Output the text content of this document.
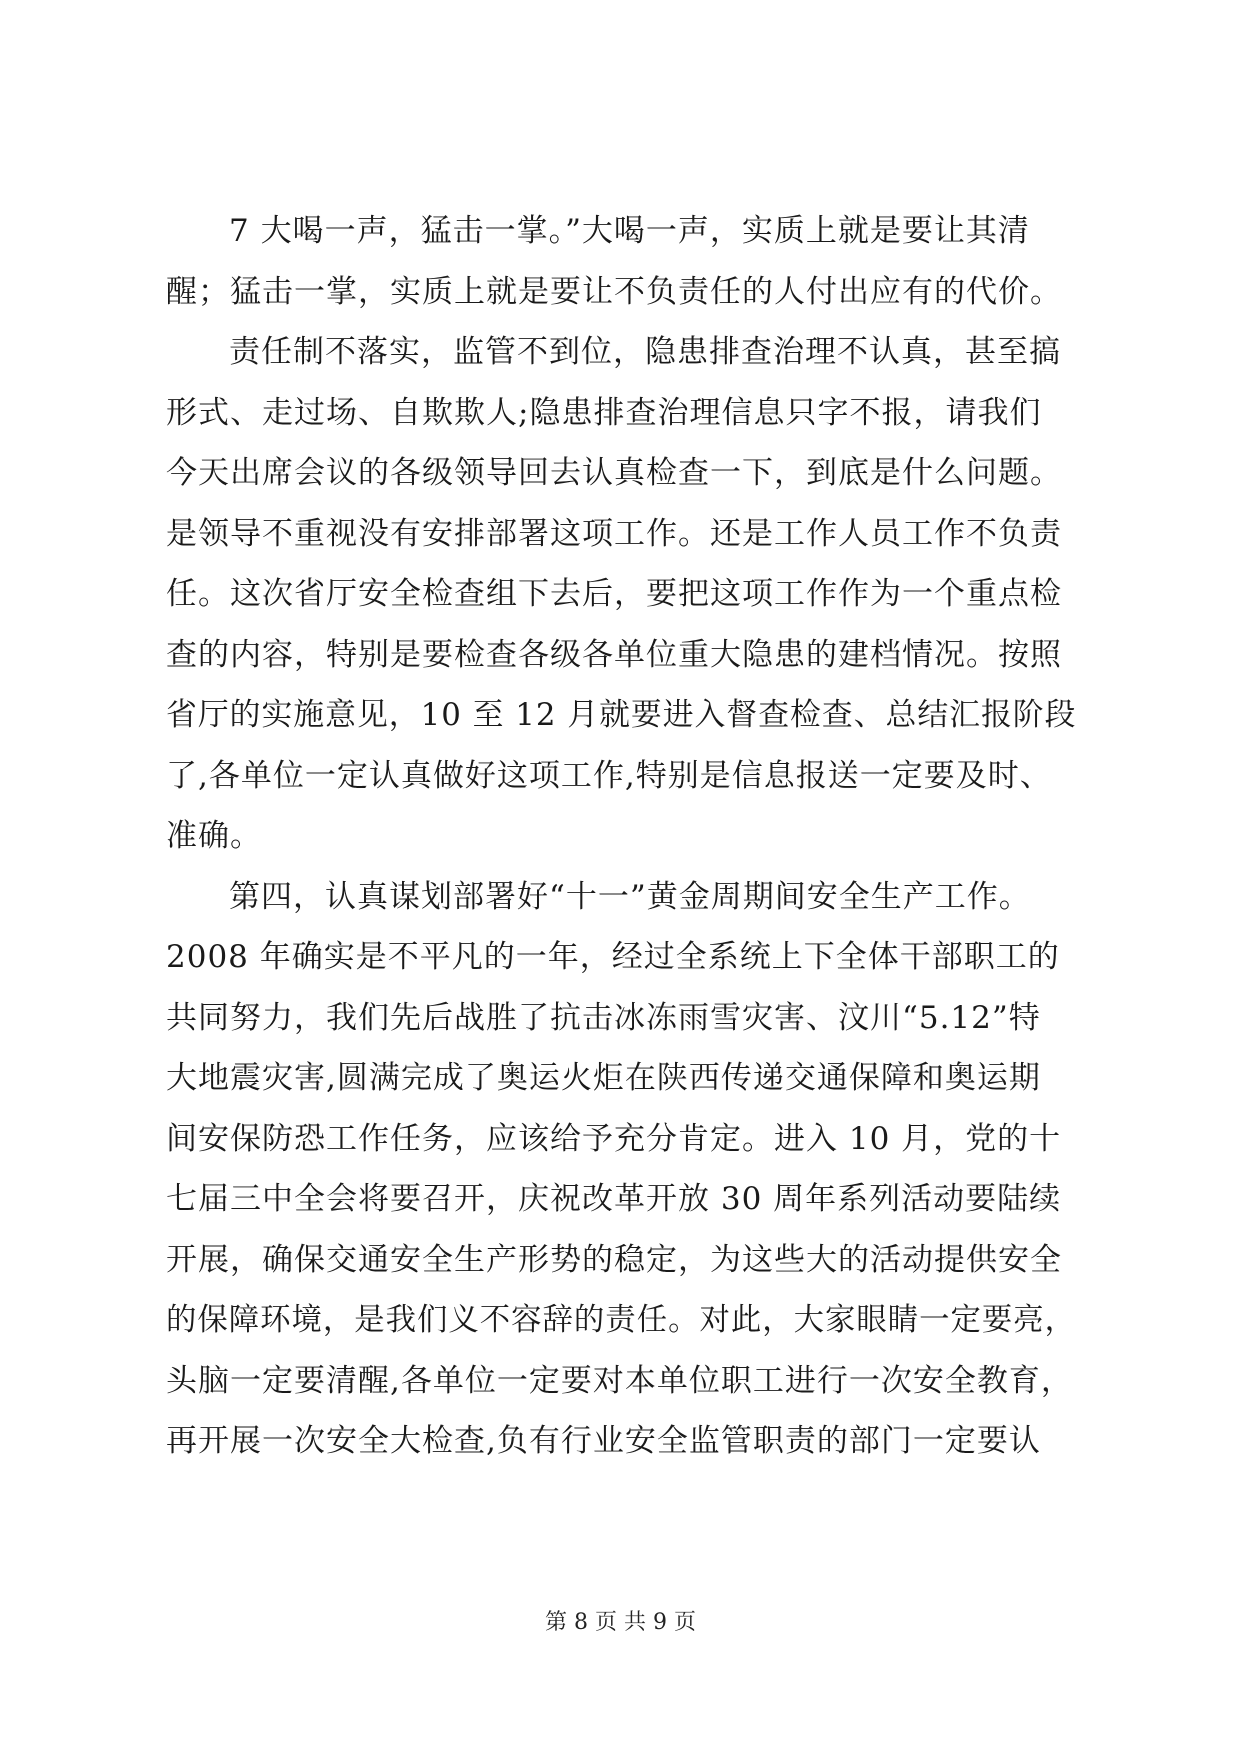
7 大喝一声，猛击一掌。”大喝一声，实质上就是要让其清
醒；猛击一掌，实质上就是要让不负责任的人付出应有的代价。
责任制不落实，监管不到位，隐患排查治理不认真，甚至搞
形式、走过场、自欺欺人;隐患排查治理信息只字不报，请我们
今天出席会议的各级领导回去认真检查一下，到底是什么问题。
是领导不重视没有安排部署这项工作。还是工作人员工作不负责
任。这次省厅安全检查组下去后，要把这项工作作为一个重点检
查的内容，特别是要检查各级各单位重大隐患的建档情况。按照
省厅的实施意见，10 至 12 月就要进入督查检查、总结汇报阶段
了,各单位一定认真做好这项工作,特别是信息报送一定要及时、
准确。
第四，认真谋划部署好“十一”黄金周期间安全生产工作。
2008 年确实是不平凡的一年，经过全系统上下全体干部职工的
共同努力，我们先后战胜了抗击冰冻雨雪灾害、汶川“5.12”特
大地震灾害,圆满完成了奥运火炬在陕西传递交通保障和奥运期
间安保防恐工作任务，应该给予充分肯定。进入 10 月，党的十
七届三中全会将要召开，庆祝改革开放 30 周年系列活动要陆续
开展，确保交通安全生产形势的稳定，为这些大的活动提供安全
的保障环境，是我们义不容辞的责任。对此，大家眼睛一定要亮，
头脑一定要清醒,各单位一定要对本单位职工进行一次安全教育，
再开展一次安全大检查,负有行业安全监管职责的部门一定要认
第 8 页 共 9 页
